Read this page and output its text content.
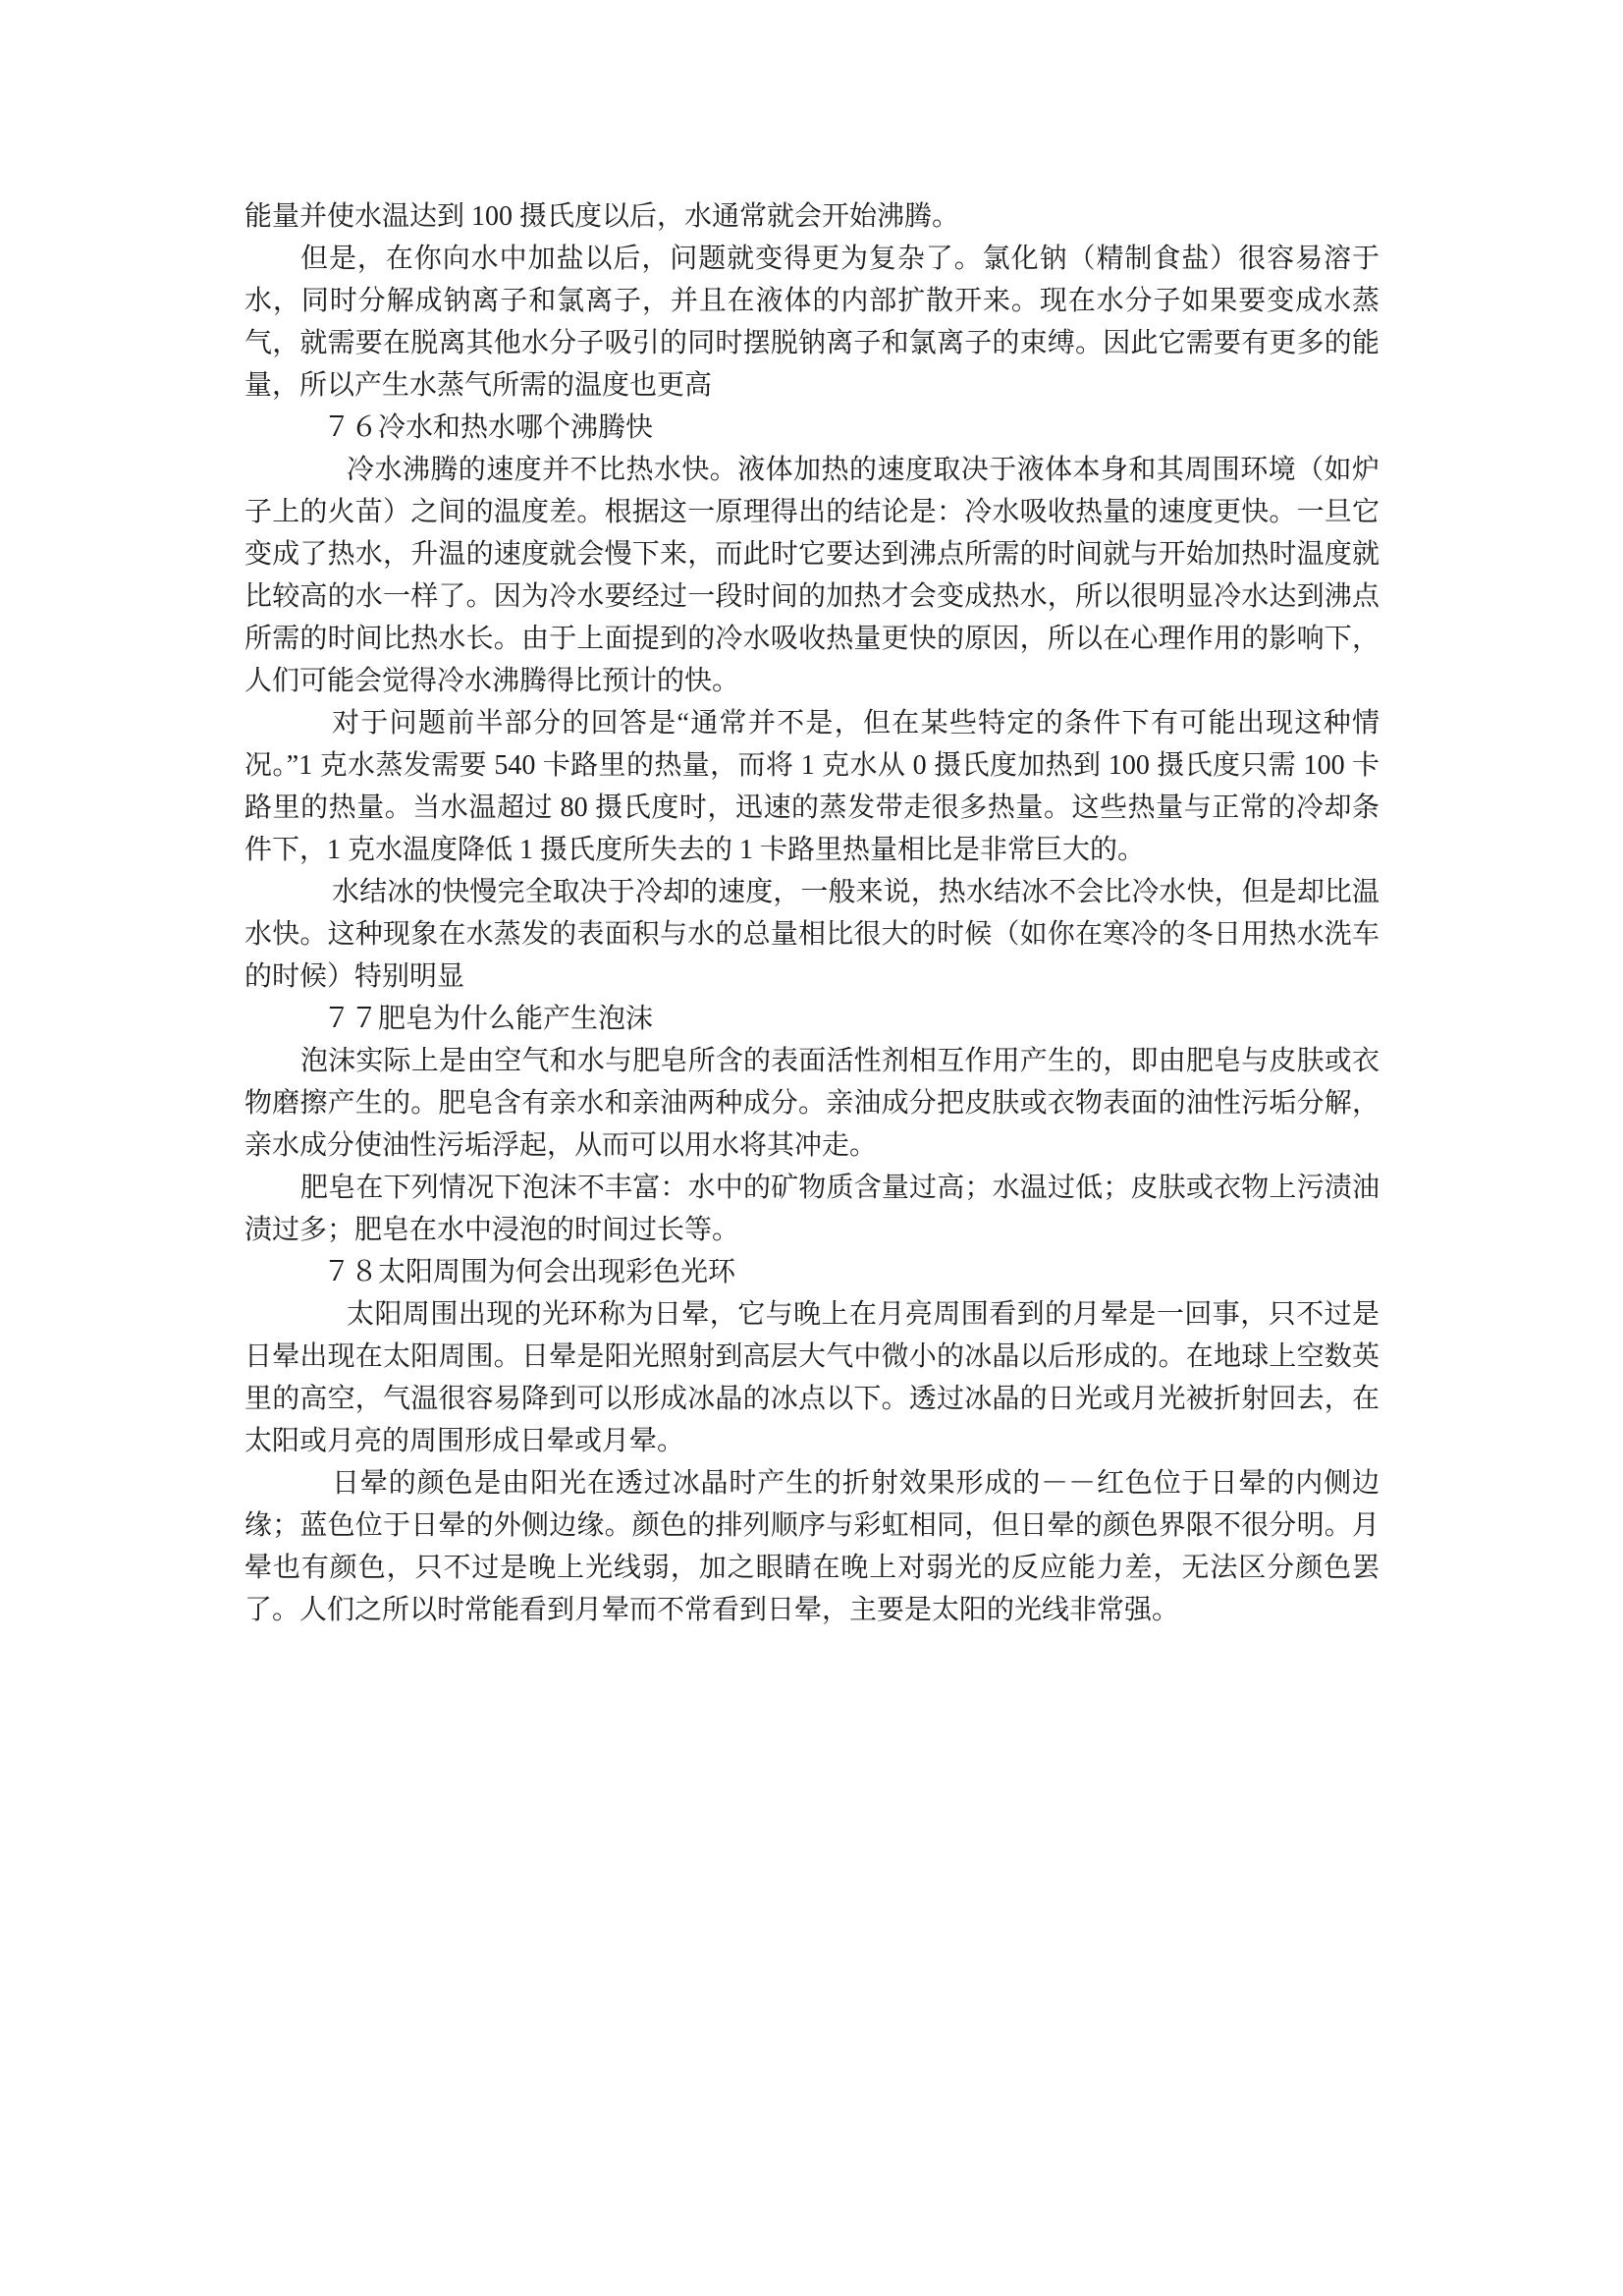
能量并使水温达到 100 摄氏度以后，水通常就会开始沸腾。

但是，在你向水中加盐以后，问题就变得更为复杂了。氯化钠（精制食盐）很容易溶于水，同时分解成钠离子和氯离子，并且在液体的内部扩散开来。现在水分子如果要变成水蒸气，就需要在脱离其他水分子吸引的同时摆脱钠离子和氯离子的束缚。因此它需要有更多的能量，所以产生水蒸气所需的温度也更高

７６冷水和热水哪个沸腾快

冷水沸腾的速度并不比热水快。液体加热的速度取决于液体本身和其周围环境（如炉子上的火苗）之间的温度差。根据这一原理得出的结论是：冷水吸收热量的速度更快。一旦它变成了热水，升温的速度就会慢下来，而此时它要达到沸点所需的时间就与开始加热时温度就比较高的水一样了。因为冷水要经过一段时间的加热才会变成热水，所以很明显冷水达到沸点所需的时间比热水长。由于上面提到的冷水吸收热量更快的原因，所以在心理作用的影响下，人们可能会觉得冷水沸腾得比预计的快。

对于问题前半部分的回答是“通常并不是，但在某些特定的条件下有可能出现这种情况。”1 克水蒸发需要 540 卡路里的热量，而将 1 克水从 0 摄氏度加热到 100 摄氏度只需 100 卡路里的热量。当水温超过 80 摄氏度时，迅速的蒸发带走很多热量。这些热量与正常的冷却条件下，1 克水温度降低 1 摄氏度所失去的 1 卡路里热量相比是非常巨大的。

水结冰的快慢完全取决于冷却的速度，一般来说，热水结冰不会比冷水快，但是却比温水快。这种现象在水蒸发的表面积与水的总量相比很大的时候（如你在寒冷的冬日用热水洗车的时候）特别明显

７７肥皂为什么能产生泡沫

泡沫实际上是由空气和水与肥皂所含的表面活性剂相互作用产生的，即由肥皂与皮肤或衣物磨擦产生的。肥皂含有亲水和亲油两种成分。亲油成分把皮肤或衣物表面的油性污垢分解，亲水成分使油性污垢浮起，从而可以用水将其冲走。

肥皂在下列情况下泡沫不丰富：水中的矿物质含量过高；水温过低；皮肤或衣物上污渍油渍过多；肥皂在水中浸泡的时间过长等。

７８太阳周围为何会出现彩色光环

太阳周围出现的光环称为日晕，它与晚上在月亮周围看到的月晕是一回事，只不过是日晕出现在太阳周围。日晕是阳光照射到高层大气中微小的冰晶以后形成的。在地球上空数英里的高空，气温很容易降到可以形成冰晶的冰点以下。透过冰晶的日光或月光被折射回去，在太阳或月亮的周围形成日晕或月晕。

日晕的颜色是由阳光在透过冰晶时产生的折射效果形成的－－红色位于日晕的内侧边缘；蓝色位于日晕的外侧边缘。颜色的排列顺序与彩虹相同，但日晕的颜色界限不很分明。月晕也有颜色，只不过是晚上光线弱，加之眼睛在晚上对弱光的反应能力差，无法区分颜色罢了。人们之所以时常能看到月晕而不常看到日晕，主要是太阳的光线非常强。
